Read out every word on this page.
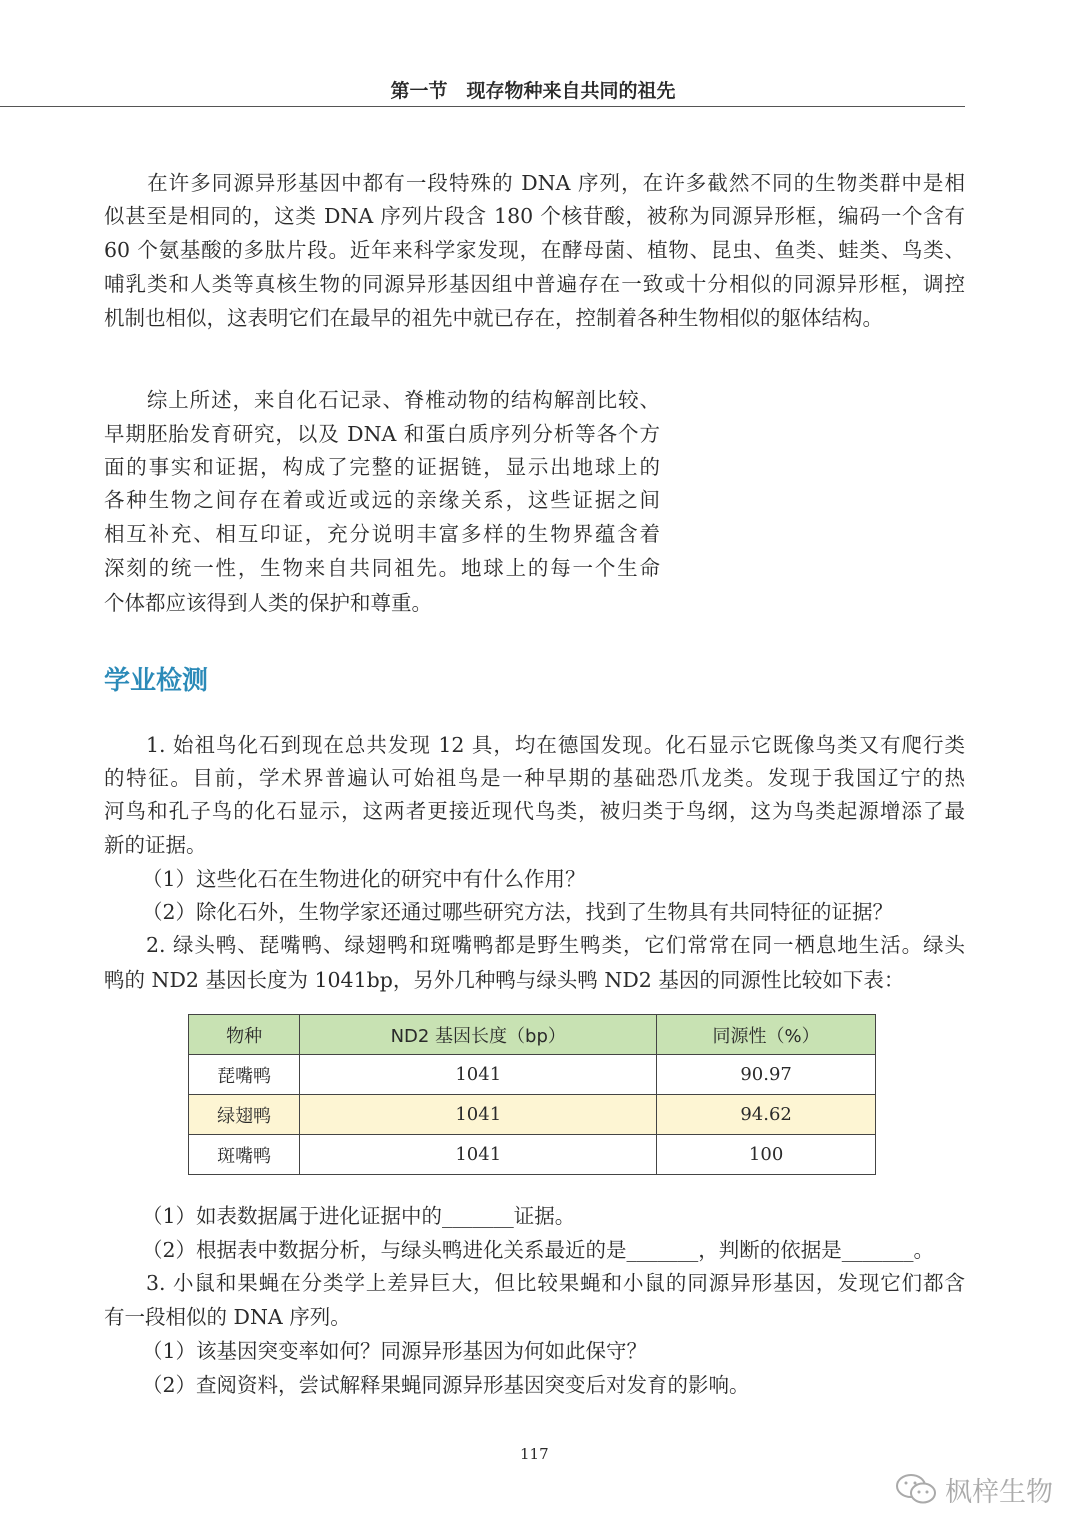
第一节　现存物种来自共同的祖先
　　在许多同源异形基因中都有一段特殊的 DNA 序列，在许多截然不同的生物类群中是相
似甚至是相同的，这类 DNA 序列片段含 180 个核苷酸，被称为同源异形框，编码一个含有
60 个氨基酸的多肽片段。近年来科学家发现，在酵母菌、植物、昆虫、鱼类、蛙类、鸟类、
哺乳类和人类等真核生物的同源异形基因组中普遍存在一致或十分相似的同源异形框，调控
机制也相似，这表明它们在最早的祖先中就已存在，控制着各种生物相似的躯体结构。
　　综上所述，来自化石记录、脊椎动物的结构解剖比较、
早期胚胎发育研究，以及 DNA 和蛋白质序列分析等各个方
面的事实和证据，构成了完整的证据链，显示出地球上的
各种生物之间存在着或近或远的亲缘关系，这些证据之间
相互补充、相互印证，充分说明丰富多样的生物界蕴含着
深刻的统一性，生物来自共同祖先。地球上的每一个生命
个体都应该得到人类的保护和尊重。
学业检测
1. 始祖鸟化石到现在总共发现 12 具，均在德国发现。化石显示它既像鸟类又有爬行类
的特征。目前，学术界普遍认可始祖鸟是一种早期的基础恐爪龙类。发现于我国辽宁的热
河鸟和孔子鸟的化石显示，这两者更接近现代鸟类，被归类于鸟纲，这为鸟类起源增添了最
新的证据。
（1）这些化石在生物进化的研究中有什么作用？
（2）除化石外，生物学家还通过哪些研究方法，找到了生物具有共同特征的证据？
2. 绿头鸭、琵嘴鸭、绿翅鸭和斑嘴鸭都是野生鸭类，它们常常在同一栖息地生活。绿头
鸭的 ND2 基因长度为 1041bp，另外几种鸭与绿头鸭 ND2 基因的同源性比较如下表：
物种	ND2 基因长度（bp）	同源性（%）
琵嘴鸭	1041	90.97
绿翅鸭	1041	94.62
斑嘴鸭	1041	100
（1）如表数据属于进化证据中的_______证据。
（2）根据表中数据分析，与绿头鸭进化关系最近的是_______，判断的依据是_______。
3. 小鼠和果蝇在分类学上差异巨大，但比较果蝇和小鼠的同源异形基因，发现它们都含
有一段相似的 DNA 序列。
（1）该基因突变率如何？同源异形基因为何如此保守？
（2）查阅资料，尝试解释果蝇同源异形基因突变后对发育的影响。
117
枫梓生物
